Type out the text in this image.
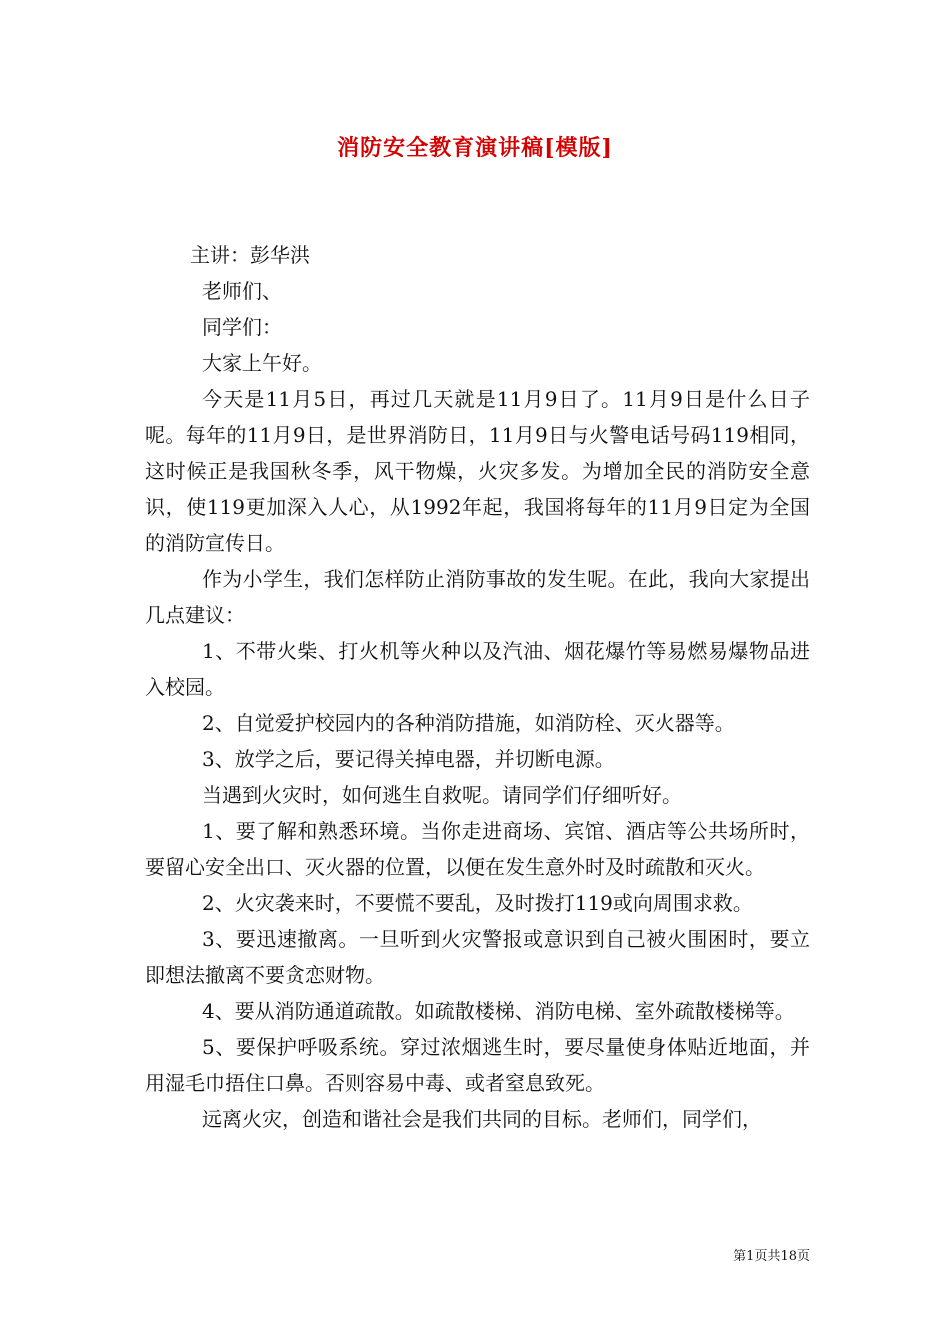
消防安全教育演讲稿[模版]

主讲：彭华洪

老师们、

同学们：

大家上午好。

今天是11月5日，再过几天就是11月9日了。11月9日是什么日子呢。每年的11月9日，是世界消防日，11月9日与火警电话号码119相同，这时候正是我国秋冬季，风干物燥，火灾多发。为增加全民的消防安全意识，使119更加深入人心，从1992年起，我国将每年的11月9日定为全国的消防宣传日。

作为小学生，我们怎样防止消防事故的发生呢。在此，我向大家提出几点建议：

1、不带火柴、打火机等火种以及汽油、烟花爆竹等易燃易爆物品进入校园。

2、自觉爱护校园内的各种消防措施，如消防栓、灭火器等。

3、放学之后，要记得关掉电器，并切断电源。

当遇到火灾时，如何逃生自救呢。请同学们仔细听好。

1、要了解和熟悉环境。当你走进商场、宾馆、酒店等公共场所时，要留心安全出口、灭火器的位置，以便在发生意外时及时疏散和灭火。

2、火灾袭来时，不要慌不要乱，及时拨打119或向周围求救。

3、要迅速撤离。一旦听到火灾警报或意识到自己被火围困时，要立即想法撤离不要贪恋财物。

4、要从消防通道疏散。如疏散楼梯、消防电梯、室外疏散楼梯等。

5、要保护呼吸系统。穿过浓烟逃生时，要尽量使身体贴近地面，并用湿毛巾捂住口鼻。否则容易中毒、或者窒息致死。

远离火灾，创造和谐社会是我们共同的目标。老师们，同学们，

第1页共18页
